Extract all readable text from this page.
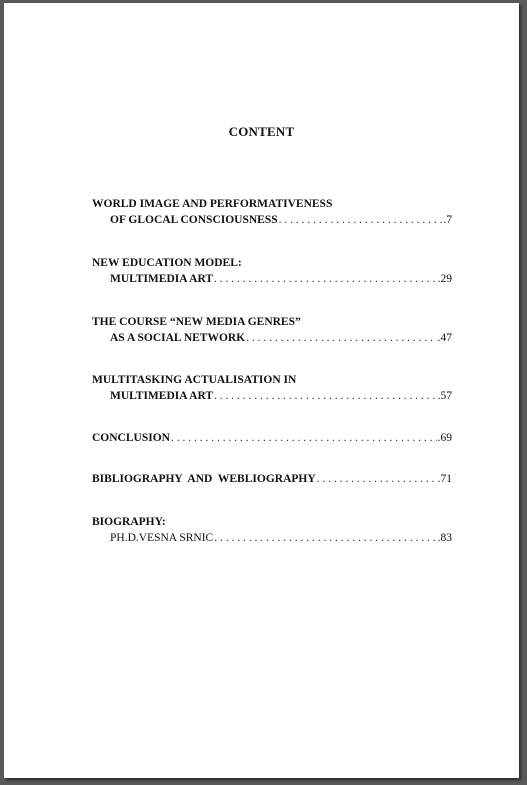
CONTENT
WORLD IMAGE AND PERFORMATIVENESS
OF GLOCAL CONSCIOUSNESS . . .	.7
NEW EDUCATION MODEL:
MULTIMEDIA ART . . .	.29
THE COURSE “NEW MEDIA GENRES”
AS A SOCIAL NETWORK . . .	.47
MULTITASKING ACTUALISATION IN
MULTIMEDIA ART . . .	.57
CONCLUSION . . .	.69
BIBLIOGRAPHY  AND  WEBLIOGRAPHY . . .	.71
BIOGRAPHY:
PH.D.VESNA SRNIC . . .	.83
